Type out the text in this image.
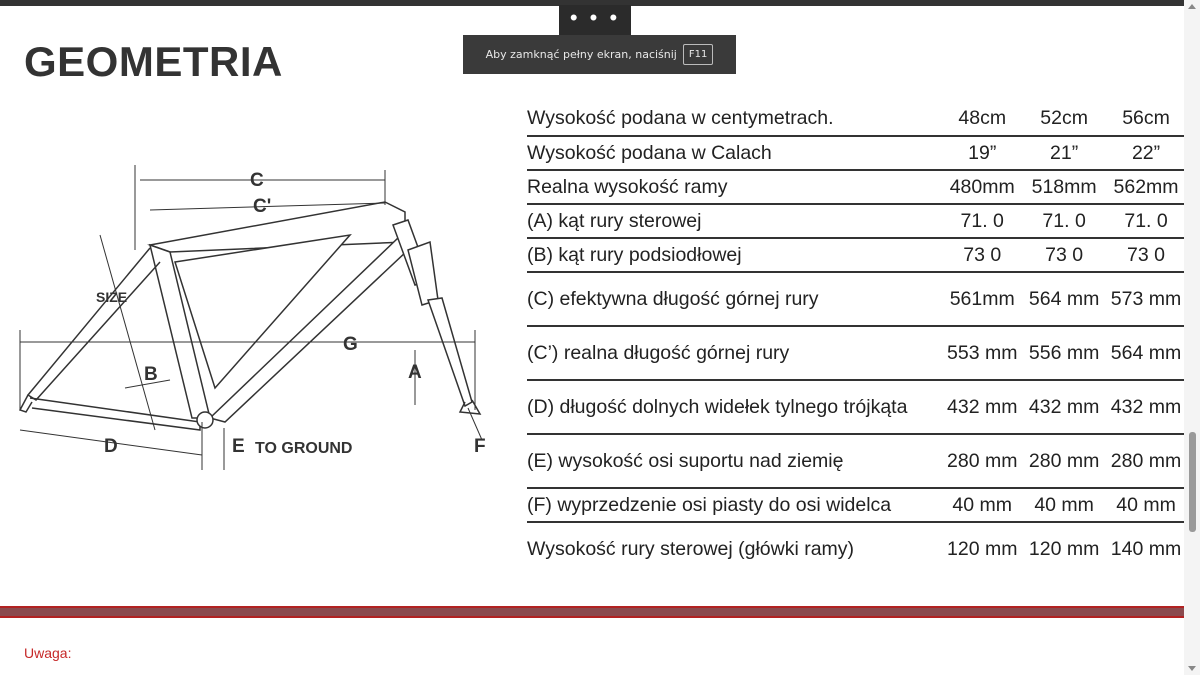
GEOMETRIA
C
C'
SIZE
G
A
B
D	E TO GROUND	F
Wysokość podana w centymetrach.	48cm	52cm	56cm
Wysokość podana w Calach	19”	21”	22”
Realna wysokość ramy	480mm	518mm	562mm
(A) kąt rury sterowej	71. 0	71. 0	71. 0
(B) kąt rury podsiodłowej	73 0	73 0	73 0
(C) efektywna długość górnej rury	561mm	564 mm	573 mm
(C’) realna długość górnej rury	553 mm	556 mm	564 mm
(D) długość dolnych widełek tylnego trójkąta	432 mm	432 mm	432 mm
(E) wysokość osi suportu nad ziemię	280 mm	280 mm	280 mm
(F) wyprzedzenie osi piasty do osi widelca	40 mm	40 mm	40 mm
Wysokość rury sterowej (główki ramy)	120 mm	120 mm	140 mm
Uwaga:
• • •
Aby zamknąć pełny ekran, naciśnij	F11
